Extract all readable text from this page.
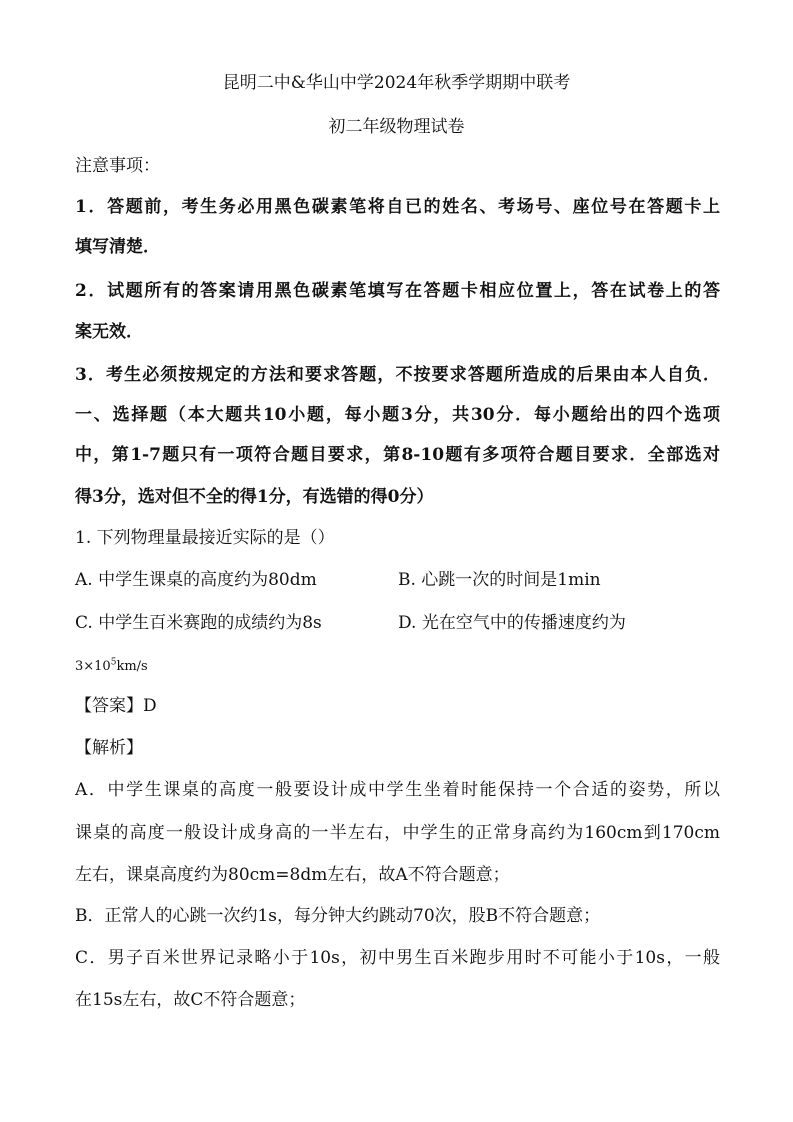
昆明二中&华山中学2024年秋季学期期中联考
初二年级物理试卷
注意事项：
1．答题前，考生务必用黑色碳素笔将自已的姓名、考场号、座位号在答题卡上
填写清楚．
2．试题所有的答案请用黑色碳素笔填写在答题卡相应位置上，答在试卷上的答
案无效．
3．考生必须按规定的方法和要求答题，不按要求答题所造成的后果由本人自负．
一、选择题（本大题共10小题，每小题3分，共30分．每小题给出的四个选项
中，第1-7题只有一项符合题目要求，第8-10题有多项符合题目要求．全部选对
得3分，选对但不全的得1分，有选错的得0分）
1. 下列物理量最接近实际的是（）
A. 中学生课桌的高度约为80dm	B. 心跳一次的时间是1min
C. 中学生百米赛跑的成绩约为8s	D. 光在空气中的传播速度约为
$3\times 10^5km/s$
【答案】D
【解析】
A．中学生课桌的高度一般要设计成中学生坐着时能保持一个合适的姿势，所以
课桌的高度一般设计成身高的一半左右，中学生的正常身高约为160cm到170cm
左右，课桌高度约为80cm=8dm左右，故A不符合题意；
B．正常人的心跳一次约1s，每分钟大约跳动70次，股B不符合题意；
C．男子百米世界记录略小于10s，初中男生百米跑步用时不可能小于10s，一般
在15s左右，故C不符合题意；
